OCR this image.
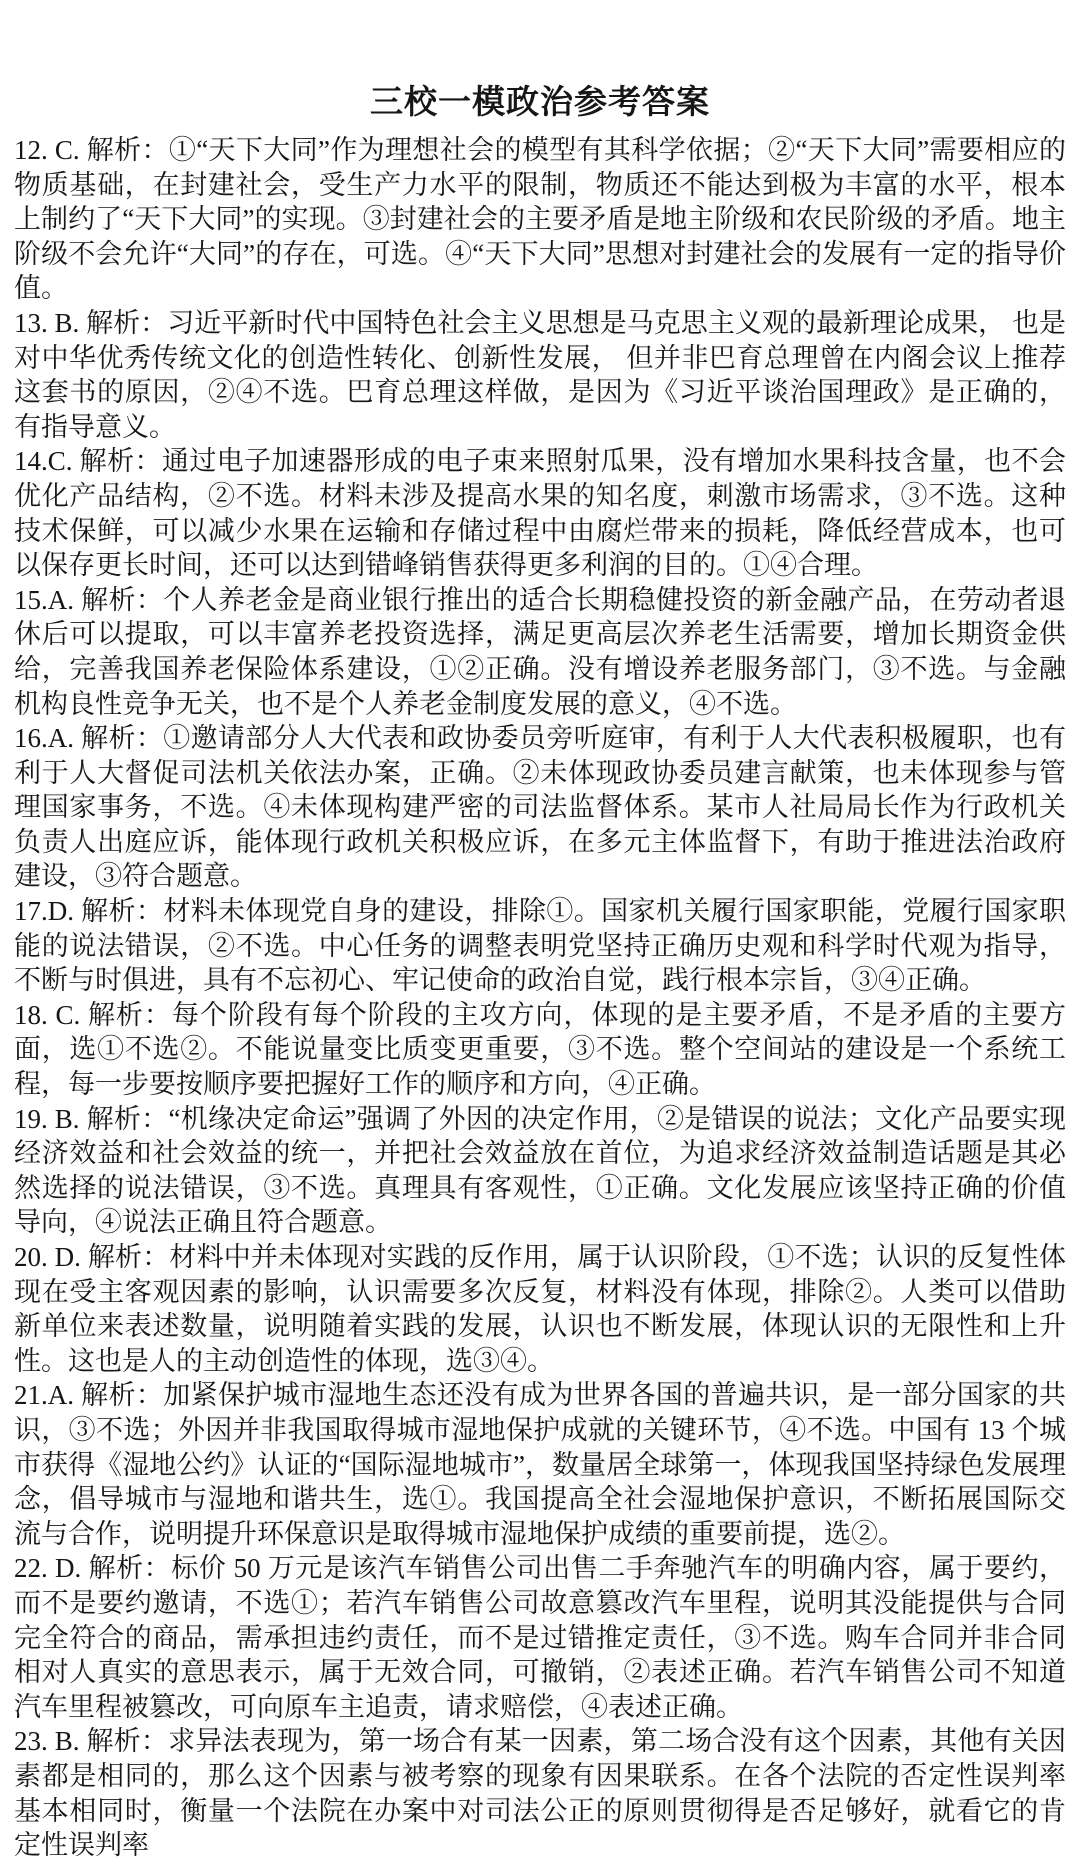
三校一模政治参考答案

12. C. 解析：①“天下大同”作为理想社会的模型有其科学依据；②“天下大同”需要相应的物质基础，在封建社会，受生产力水平的限制，物质还不能达到极为丰富的水平，根本上制约了“天下大同”的实现。③封建社会的主要矛盾是地主阶级和农民阶级的矛盾。地主阶级不会允许“大同”的存在，可选。④“天下大同”思想对封建社会的发展有一定的指导价值。

13. B. 解析：习近平新时代中国特色社会主义思想是马克思主义观的最新理论成果， 也是对中华优秀传统文化的创造性转化、创新性发展， 但并非巴育总理曾在内阁会议上推荐这套书的原因，②④不选。巴育总理这样做，是因为《习近平谈治国理政》是正确的，有指导意义。

14.C. 解析：通过电子加速器形成的电子束来照射瓜果，没有增加水果科技含量，也不会优化产品结构，②不选。材料未涉及提高水果的知名度，刺激市场需求，③不选。这种技术保鲜，可以减少水果在运输和存储过程中由腐烂带来的损耗，降低经营成本，也可以保存更长时间，还可以达到错峰销售获得更多利润的目的。①④合理。

15.A. 解析：个人养老金是商业银行推出的适合长期稳健投资的新金融产品，在劳动者退休后可以提取，可以丰富养老投资选择，满足更高层次养老生活需要，增加长期资金供给，完善我国养老保险体系建设，①②正确。没有增设养老服务部门，③不选。与金融机构良性竞争无关，也不是个人养老金制度发展的意义，④不选。

16.A. 解析：①邀请部分人大代表和政协委员旁听庭审，有利于人大代表积极履职，也有利于人大督促司法机关依法办案，正确。②未体现政协委员建言献策，也未体现参与管理国家事务，不选。④未体现构建严密的司法监督体系。某市人社局局长作为行政机关负责人出庭应诉，能体现行政机关积极应诉，在多元主体监督下，有助于推进法治政府建设，③符合题意。

17.D. 解析：材料未体现党自身的建设，排除①。国家机关履行国家职能，党履行国家职能的说法错误，②不选。中心任务的调整表明党坚持正确历史观和科学时代观为指导，不断与时俱进，具有不忘初心、牢记使命的政治自觉，践行根本宗旨，③④正确。

18. C. 解析：每个阶段有每个阶段的主攻方向，体现的是主要矛盾，不是矛盾的主要方面，选①不选②。不能说量变比质变更重要，③不选。整个空间站的建设是一个系统工程，每一步要按顺序要把握好工作的顺序和方向，④正确。

19. B. 解析：“机缘决定命运”强调了外因的决定作用，②是错误的说法；文化产品要实现经济效益和社会效益的统一，并把社会效益放在首位，为追求经济效益制造话题是其必然选择的说法错误，③不选。真理具有客观性，①正确。文化发展应该坚持正确的价值导向，④说法正确且符合题意。

20. D. 解析：材料中并未体现对实践的反作用，属于认识阶段，①不选；认识的反复性体现在受主客观因素的影响，认识需要多次反复，材料没有体现，排除②。人类可以借助新单位来表述数量，说明随着实践的发展，认识也不断发展，体现认识的无限性和上升性。这也是人的主动创造性的体现，选③④。

21.A. 解析：加紧保护城市湿地生态还没有成为世界各国的普遍共识，是一部分国家的共识，③不选；外因并非我国取得城市湿地保护成就的关键环节，④不选。中国有 13 个城市获得《湿地公约》认证的“国际湿地城市”，数量居全球第一，体现我国坚持绿色发展理念，倡导城市与湿地和谐共生，选①。我国提高全社会湿地保护意识，不断拓展国际交流与合作，说明提升环保意识是取得城市湿地保护成绩的重要前提，选②。

22. D. 解析：标价 50 万元是该汽车销售公司出售二手奔驰汽车的明确内容，属于要约，而不是要约邀请，不选①；若汽车销售公司故意篡改汽车里程，说明其没能提供与合同完全符合的商品，需承担违约责任，而不是过错推定责任，③不选。购车合同并非合同相对人真实的意思表示，属于无效合同，可撤销，②表述正确。若汽车销售公司不知道汽车里程被篡改，可向原车主追责，请求赔偿，④表述正确。

23. B. 解析：求异法表现为，第一场合有某一因素，第二场合没有这个因素，其他有关因素都是相同的，那么这个因素与被考察的现象有因果联系。在各个法院的否定性误判率基本相同时，衡量一个法院在办案中对司法公正的原则贯彻得是否足够好，就看它的肯定性误判率
